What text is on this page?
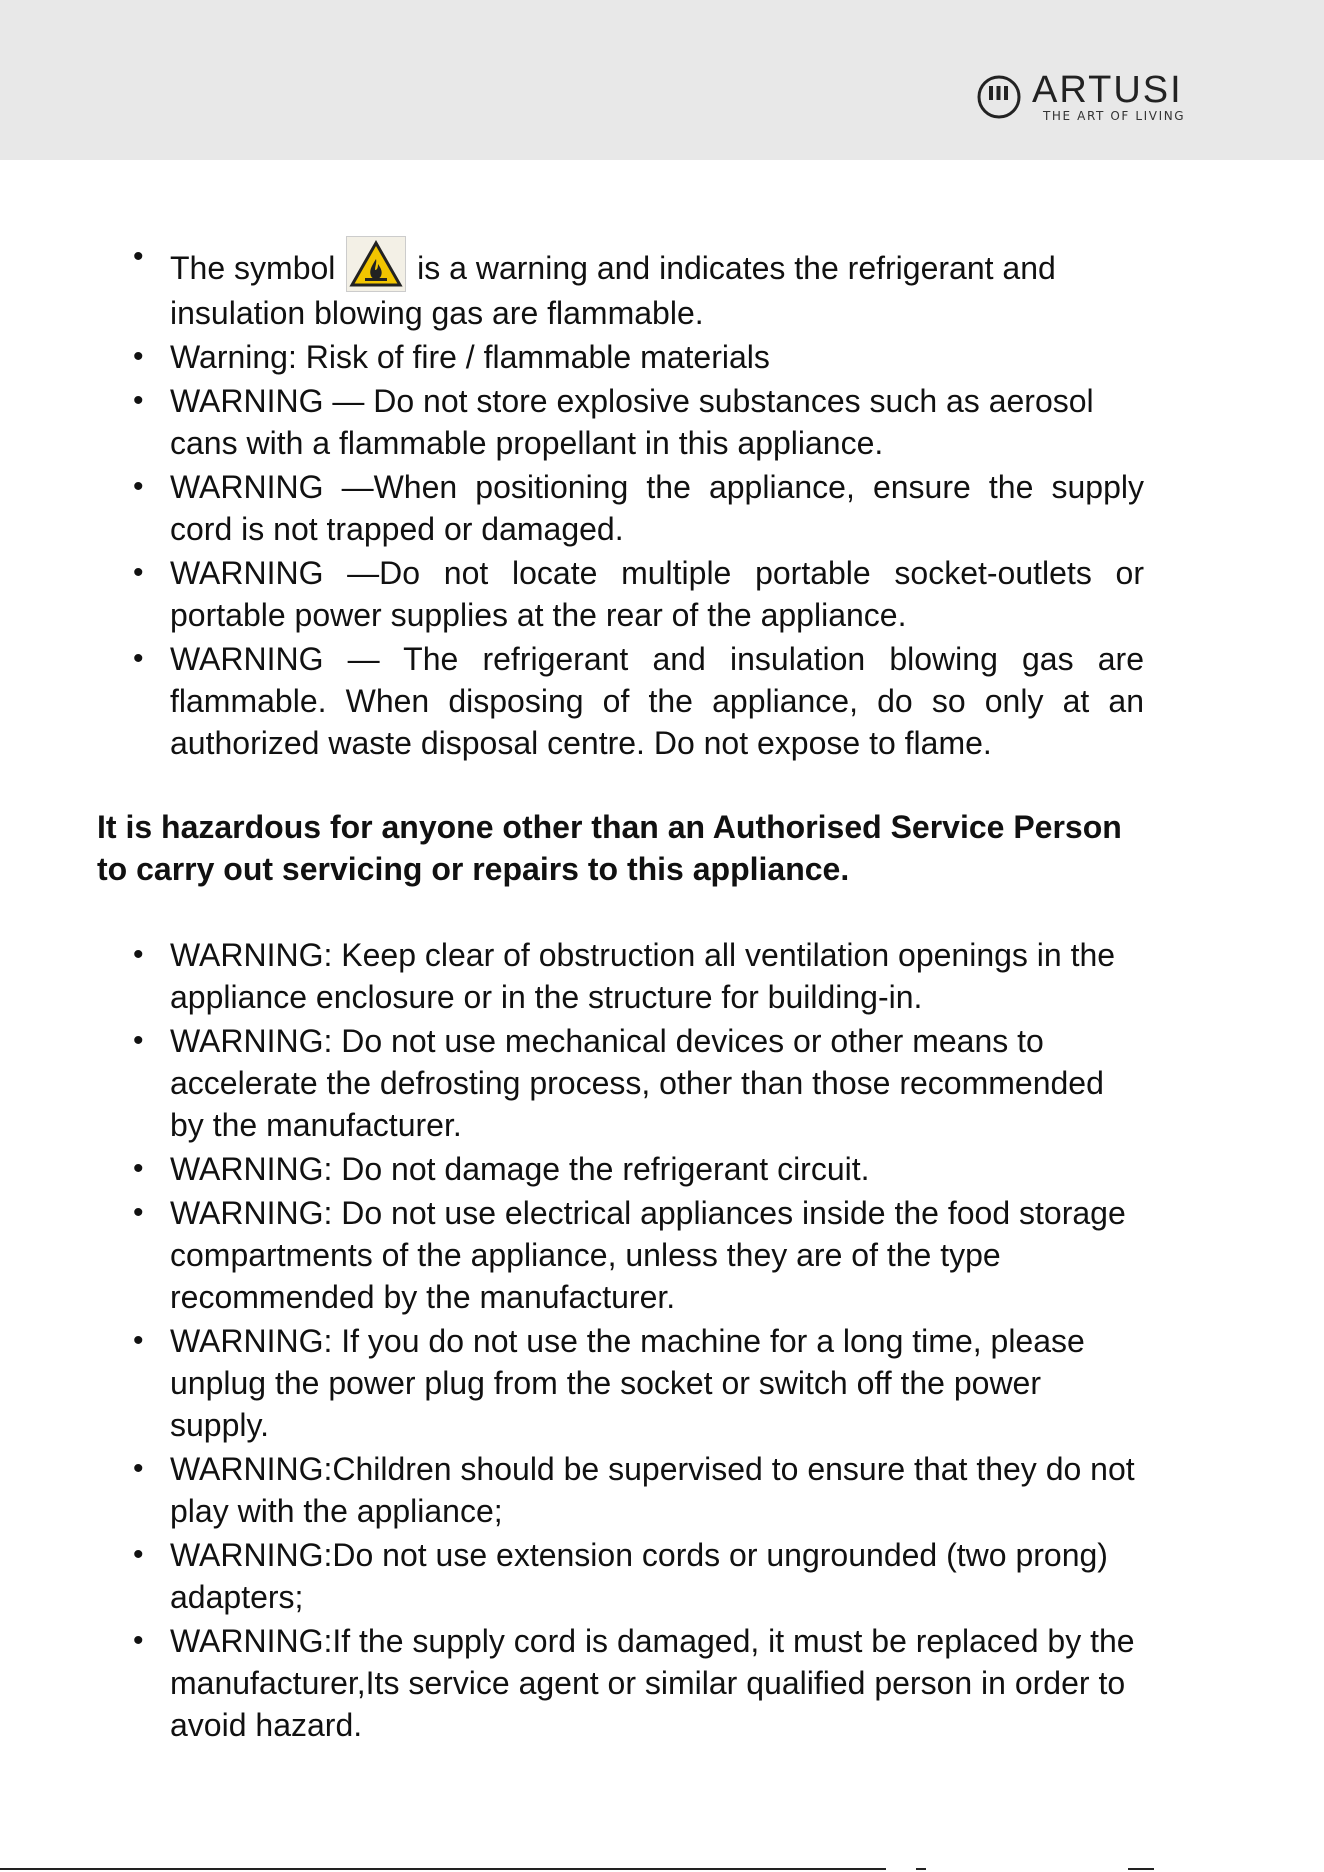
ARTUSI
THE ART OF LIVING
• The symbol	is a warning and indicates the refrigerant and insulation blowing gas are flammable.
• Warning: Risk of fire / flammable materials
• WARNING — Do not store explosive substances such as aerosol cans with a flammable propellant in this appliance.
• WARNING —When positioning the appliance, ensure the supply cord is not trapped or damaged.
• WARNING —Do not locate multiple portable socket-outlets or portable power supplies at the rear of the appliance.
• WARNING — The refrigerant and insulation blowing gas are flammable. When disposing of the appliance, do so only at an authorized waste disposal centre. Do not expose to flame.
It is hazardous for anyone other than an Authorised Service Person to carry out servicing or repairs to this appliance.
• WARNING: Keep clear of obstruction all ventilation openings in the appliance enclosure or in the structure for building-in.
• WARNING: Do not use mechanical devices or other means to accelerate the defrosting process, other than those recommended by the manufacturer.
• WARNING: Do not damage the refrigerant circuit.
• WARNING: Do not use electrical appliances inside the food storage compartments of the appliance, unless they are of the type recommended by the manufacturer.
• WARNING: If you do not use the machine for a long time, please unplug the power plug from the socket or switch off the power supply.
• WARNING:Children should be supervised to ensure that they do not play with the appliance;
• WARNING:Do not use extension cords or ungrounded (two prong) adapters;
• WARNING:If the supply cord is damaged, it must be replaced by the manufacturer,Its service agent or similar qualified person in order to avoid hazard.
